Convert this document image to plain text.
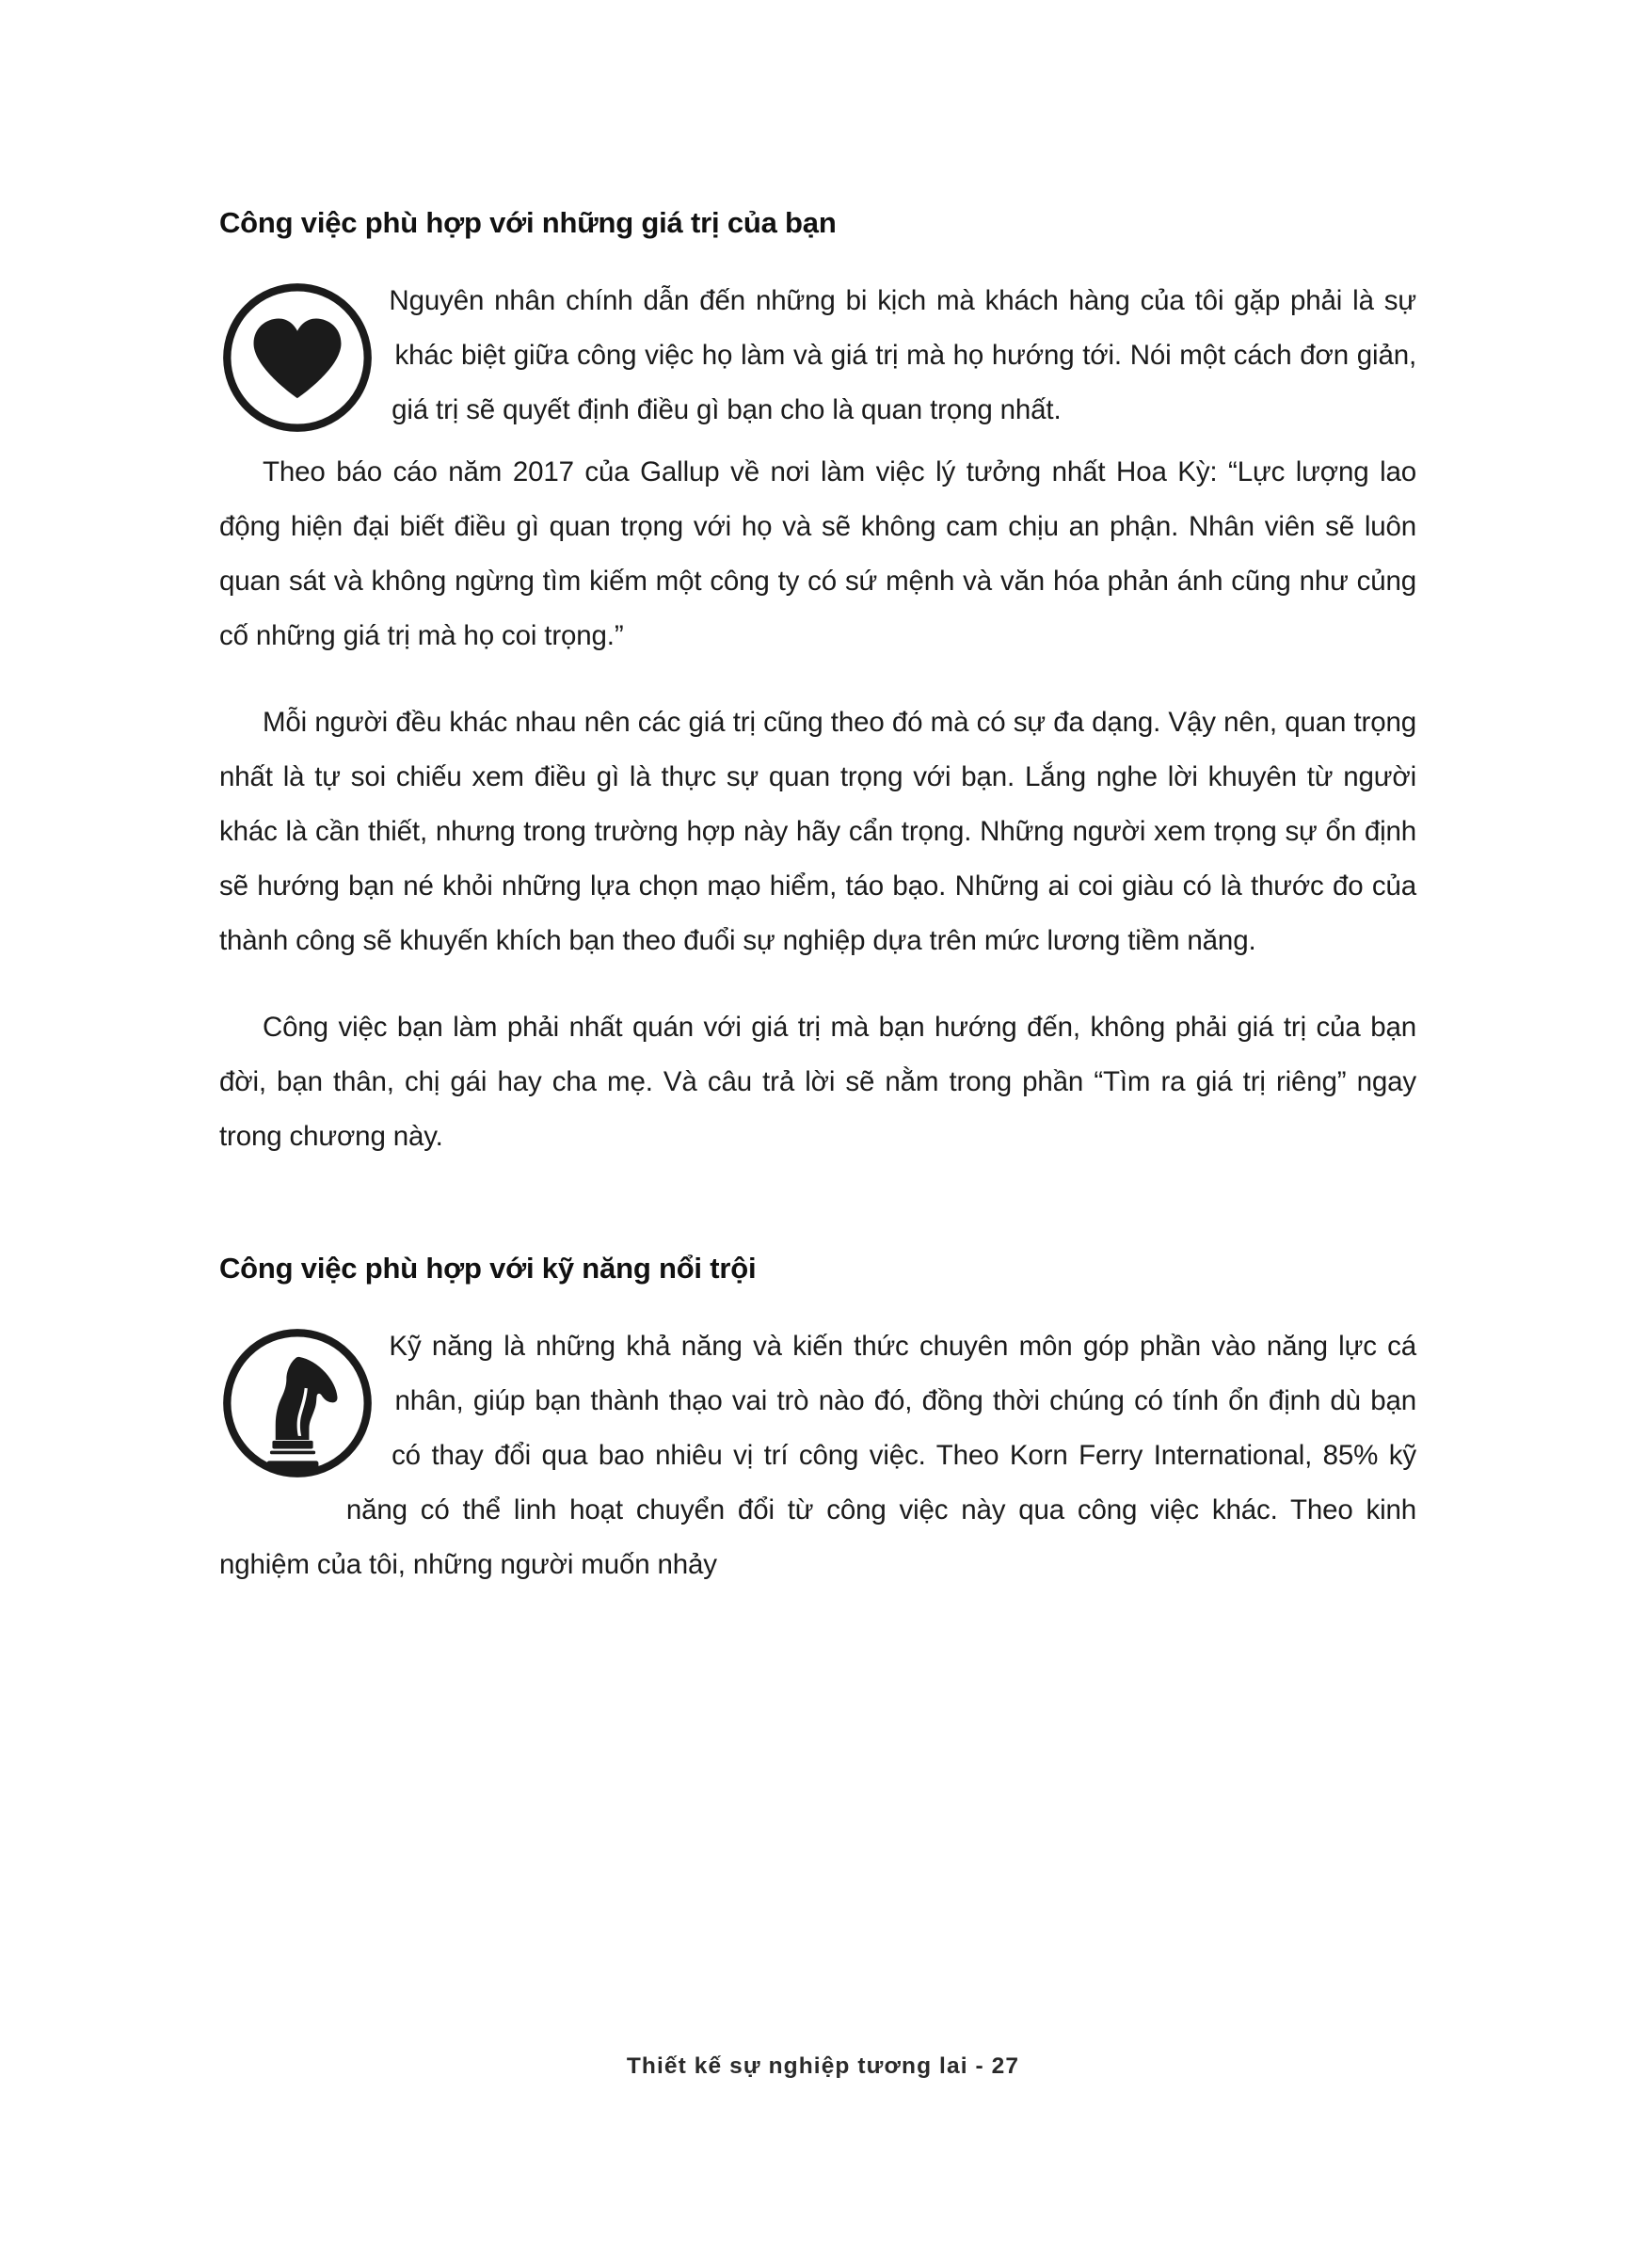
Công việc phù hợp với những giá trị của bạn

Nguyên nhân chính dẫn đến những bi kịch mà khách hàng của tôi gặp phải là sự khác biệt giữa công việc họ làm và giá trị mà họ hướng tới. Nói một cách đơn giản, giá trị sẽ quyết định điều gì bạn cho là quan trọng nhất.

Theo báo cáo năm 2017 của Gallup về nơi làm việc lý tưởng nhất Hoa Kỳ: “Lực lượng lao động hiện đại biết điều gì quan trọng với họ và sẽ không cam chịu an phận. Nhân viên sẽ luôn quan sát và không ngừng tìm kiếm một công ty có sứ mệnh và văn hóa phản ánh cũng như củng cố những giá trị mà họ coi trọng.”

Mỗi người đều khác nhau nên các giá trị cũng theo đó mà có sự đa dạng. Vậy nên, quan trọng nhất là tự soi chiếu xem điều gì là thực sự quan trọng với bạn. Lắng nghe lời khuyên từ người khác là cần thiết, nhưng trong trường hợp này hãy cẩn trọng. Những người xem trọng sự ổn định sẽ hướng bạn né khỏi những lựa chọn mạo hiểm, táo bạo. Những ai coi giàu có là thước đo của thành công sẽ khuyến khích bạn theo đuổi sự nghiệp dựa trên mức lương tiềm năng.

Công việc bạn làm phải nhất quán với giá trị mà bạn hướng đến, không phải giá trị của bạn đời, bạn thân, chị gái hay cha mẹ. Và câu trả lời sẽ nằm trong phần “Tìm ra giá trị riêng” ngay trong chương này.

Công việc phù hợp với kỹ năng nổi trội

Kỹ năng là những khả năng và kiến thức chuyên môn góp phần vào năng lực cá nhân, giúp bạn thành thạo vai trò nào đó, đồng thời chúng có tính ổn định dù bạn có thay đổi qua bao nhiêu vị trí công việc. Theo Korn Ferry International, 85% kỹ năng có thể linh hoạt chuyển đổi từ công việc này qua công việc khác. Theo kinh nghiệm của tôi, những người muốn nhảy

Thiết kế sự nghiệp tương lai - 27
